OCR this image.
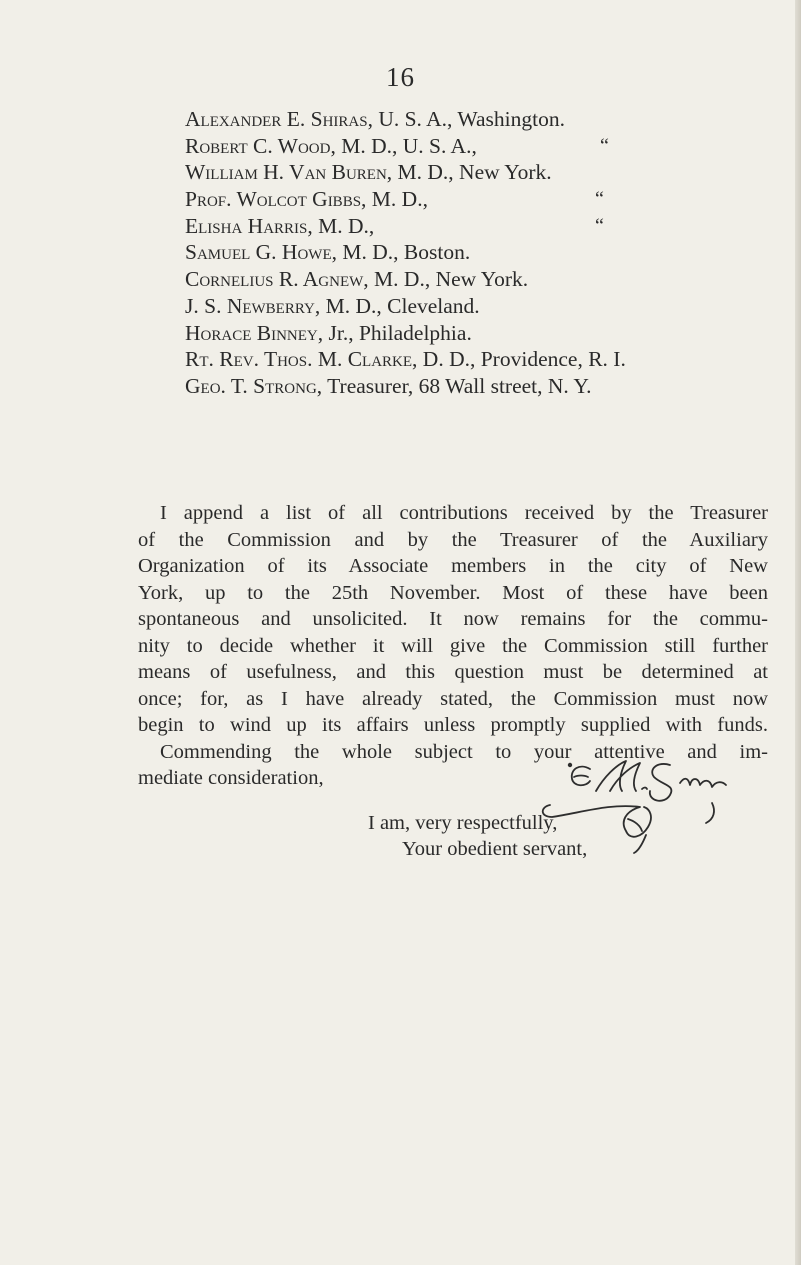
16
Alexander E. Shiras, U. S. A., Washington.
Robert C. Wood, M. D., U. S. A.,	“
William H. Van Buren, M. D., New York.
Prof. Wolcot Gibbs, M. D.,	“
Elisha Harris, M. D.,	“
Samuel G. Howe, M. D., Boston.
Cornelius R. Agnew, M. D., New York.
J. S. Newberry, M. D., Cleveland.
Horace Binney, Jr., Philadelphia.
Rt. Rev. Thos. M. Clarke, D. D., Providence, R. I.
Geo. T. Strong, Treasurer, 68 Wall street, N. Y.
I append a list of all contributions received by the Treasurer
of the Commission and by the Treasurer of the Auxiliary
Organization of its Associate members in the city of New
York, up to the 25th November. Most of these have been
spontaneous and unsolicited. It now remains for the commu-
nity to decide whether it will give the Commission still further
means of usefulness, and this question must be determined at
once; for, as I have already stated, the Commission must now
begin to wind up its affairs unless promptly supplied with funds.
Commending the whole subject to your attentive and im-
mediate consideration,
I am, very respectfully,
Your obedient servant,
